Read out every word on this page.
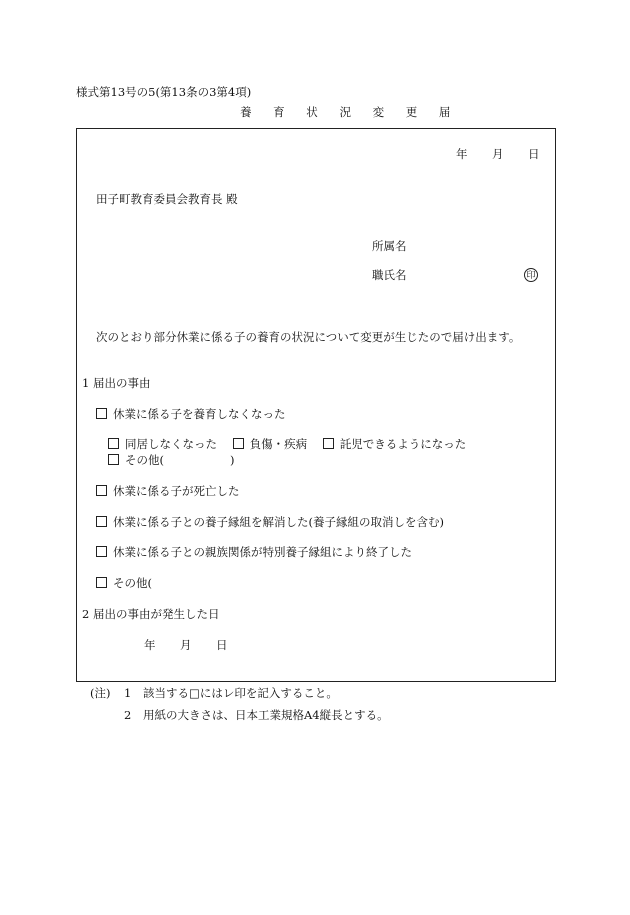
様式第13号の5(第13条の3第4項)
養 育 状 況 変 更 届
年 月 日
田子町教育委員会教育長 殿
所属名
職氏名	印
次のとおり部分休業に係る子の養育の状況について変更が生じたので届け出ます。
1 届出の事由
休業に係る子を養育しなくなった
同居しなくなった	負傷・疾病	託児できるようになった
その他(	)
休業に係る子が死亡した
休業に係る子との養子縁組を解消した(養子縁組の取消しを含む)
休業に係る子との親族関係が特別養子縁組により終了した
その他(
2 届出の事由が発生した日
年 月 日
(注) 1 該当する□にはレ印を記入すること。
2 用紙の大きさは、日本工業規格A4縦長とする。
